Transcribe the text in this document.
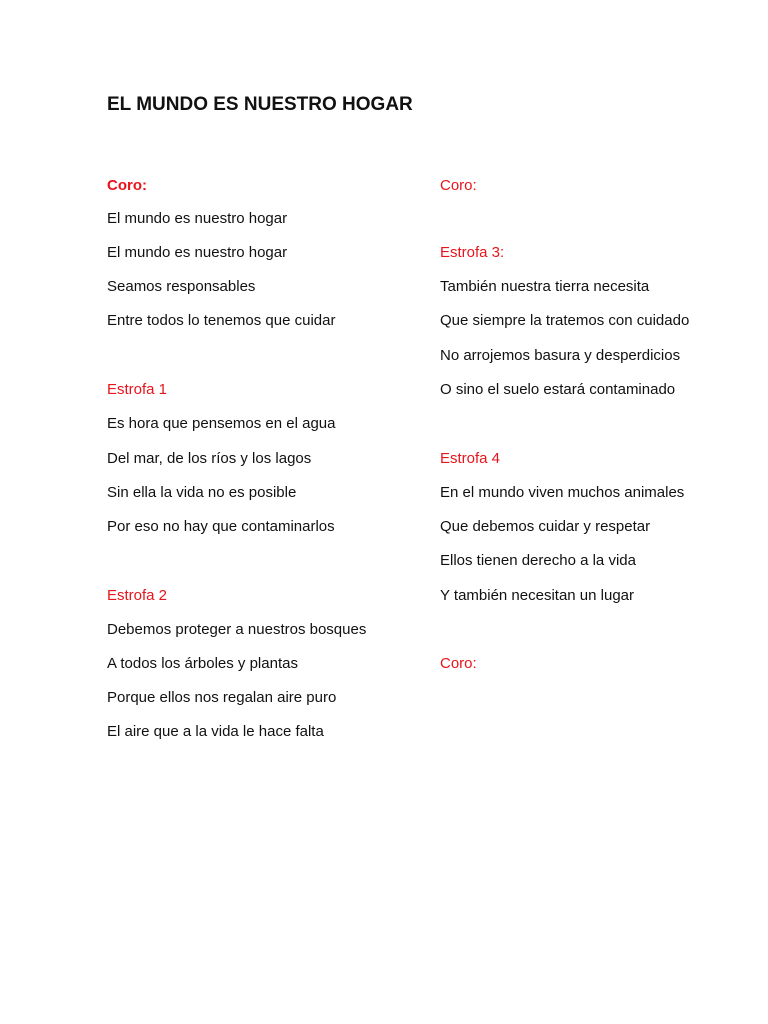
EL MUNDO ES NUESTRO HOGAR
Coro:
El mundo es nuestro hogar
El mundo es nuestro hogar
Seamos responsables
Entre todos lo tenemos que cuidar
Estrofa 1
Es hora que pensemos en el agua
Del mar, de los ríos y los lagos
Sin ella la vida no es posible
Por eso no hay que contaminarlos
Estrofa 2
Debemos proteger a nuestros bosques
A todos los árboles y plantas
Porque ellos nos regalan aire puro
El aire que a la vida le hace falta
Coro:
Estrofa 3:
También nuestra tierra necesita
Que siempre la tratemos con cuidado
No arrojemos basura y desperdicios
O sino el suelo estará contaminado
Estrofa 4
En el mundo viven muchos animales
Que debemos cuidar y respetar
Ellos tienen derecho a la vida
Y también necesitan un lugar
Coro:
